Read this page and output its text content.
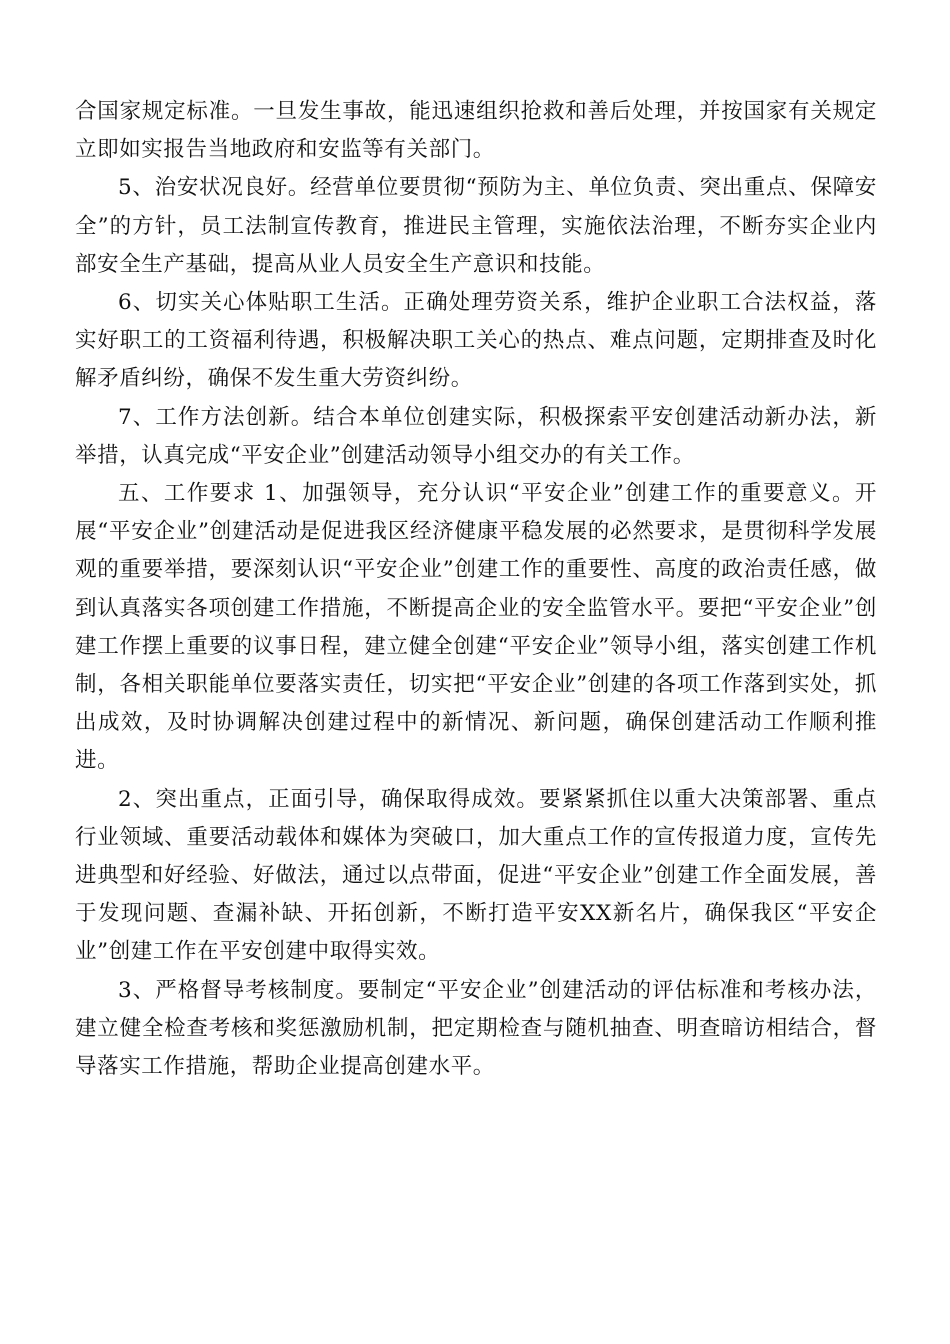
合国家规定标准。一旦发生事故，能迅速组织抢救和善后处理，并按国家有关规定立即如实报告当地政府和安监等有关部门。

5、治安状况良好。经营单位要贯彻“预防为主、单位负责、突出重点、保障安全”的方针，员工法制宣传教育，推进民主管理，实施依法治理，不断夯实企业内部安全生产基础，提高从业人员安全生产意识和技能。

6、切实关心体贴职工生活。正确处理劳资关系，维护企业职工合法权益，落实好职工的工资福利待遇，积极解决职工关心的热点、难点问题，定期排查及时化解矛盾纠纷，确保不发生重大劳资纠纷。

7、工作方法创新。结合本单位创建实际，积极探索平安创建活动新办法，新举措，认真完成“平安企业”创建活动领导小组交办的有关工作。

五、工作要求 1、加强领导，充分认识“平安企业”创建工作的重要意义。开展“平安企业”创建活动是促进我区经济健康平稳发展的必然要求，是贯彻科学发展观的重要举措，要深刻认识“平安企业”创建工作的重要性、高度的政治责任感，做到认真落实各项创建工作措施，不断提高企业的安全监管水平。要把“平安企业”创建工作摆上重要的议事日程，建立健全创建“平安企业”领导小组，落实创建工作机制，各相关职能单位要落实责任，切实把“平安企业”创建的各项工作落到实处，抓出成效，及时协调解决创建过程中的新情况、新问题，确保创建活动工作顺利推进。

2、突出重点，正面引导，确保取得成效。要紧紧抓住以重大决策部署、重点行业领域、重要活动载体和媒体为突破口，加大重点工作的宣传报道力度，宣传先进典型和好经验、好做法，通过以点带面，促进“平安企业”创建工作全面发展，善于发现问题、查漏补缺、开拓创新，不断打造平安XX新名片，确保我区“平安企业”创建工作在平安创建中取得实效。

3、严格督导考核制度。要制定“平安企业”创建活动的评估标准和考核办法，建立健全检查考核和奖惩激励机制，把定期检查与随机抽查、明查暗访相结合，督导落实工作措施，帮助企业提高创建水平。
